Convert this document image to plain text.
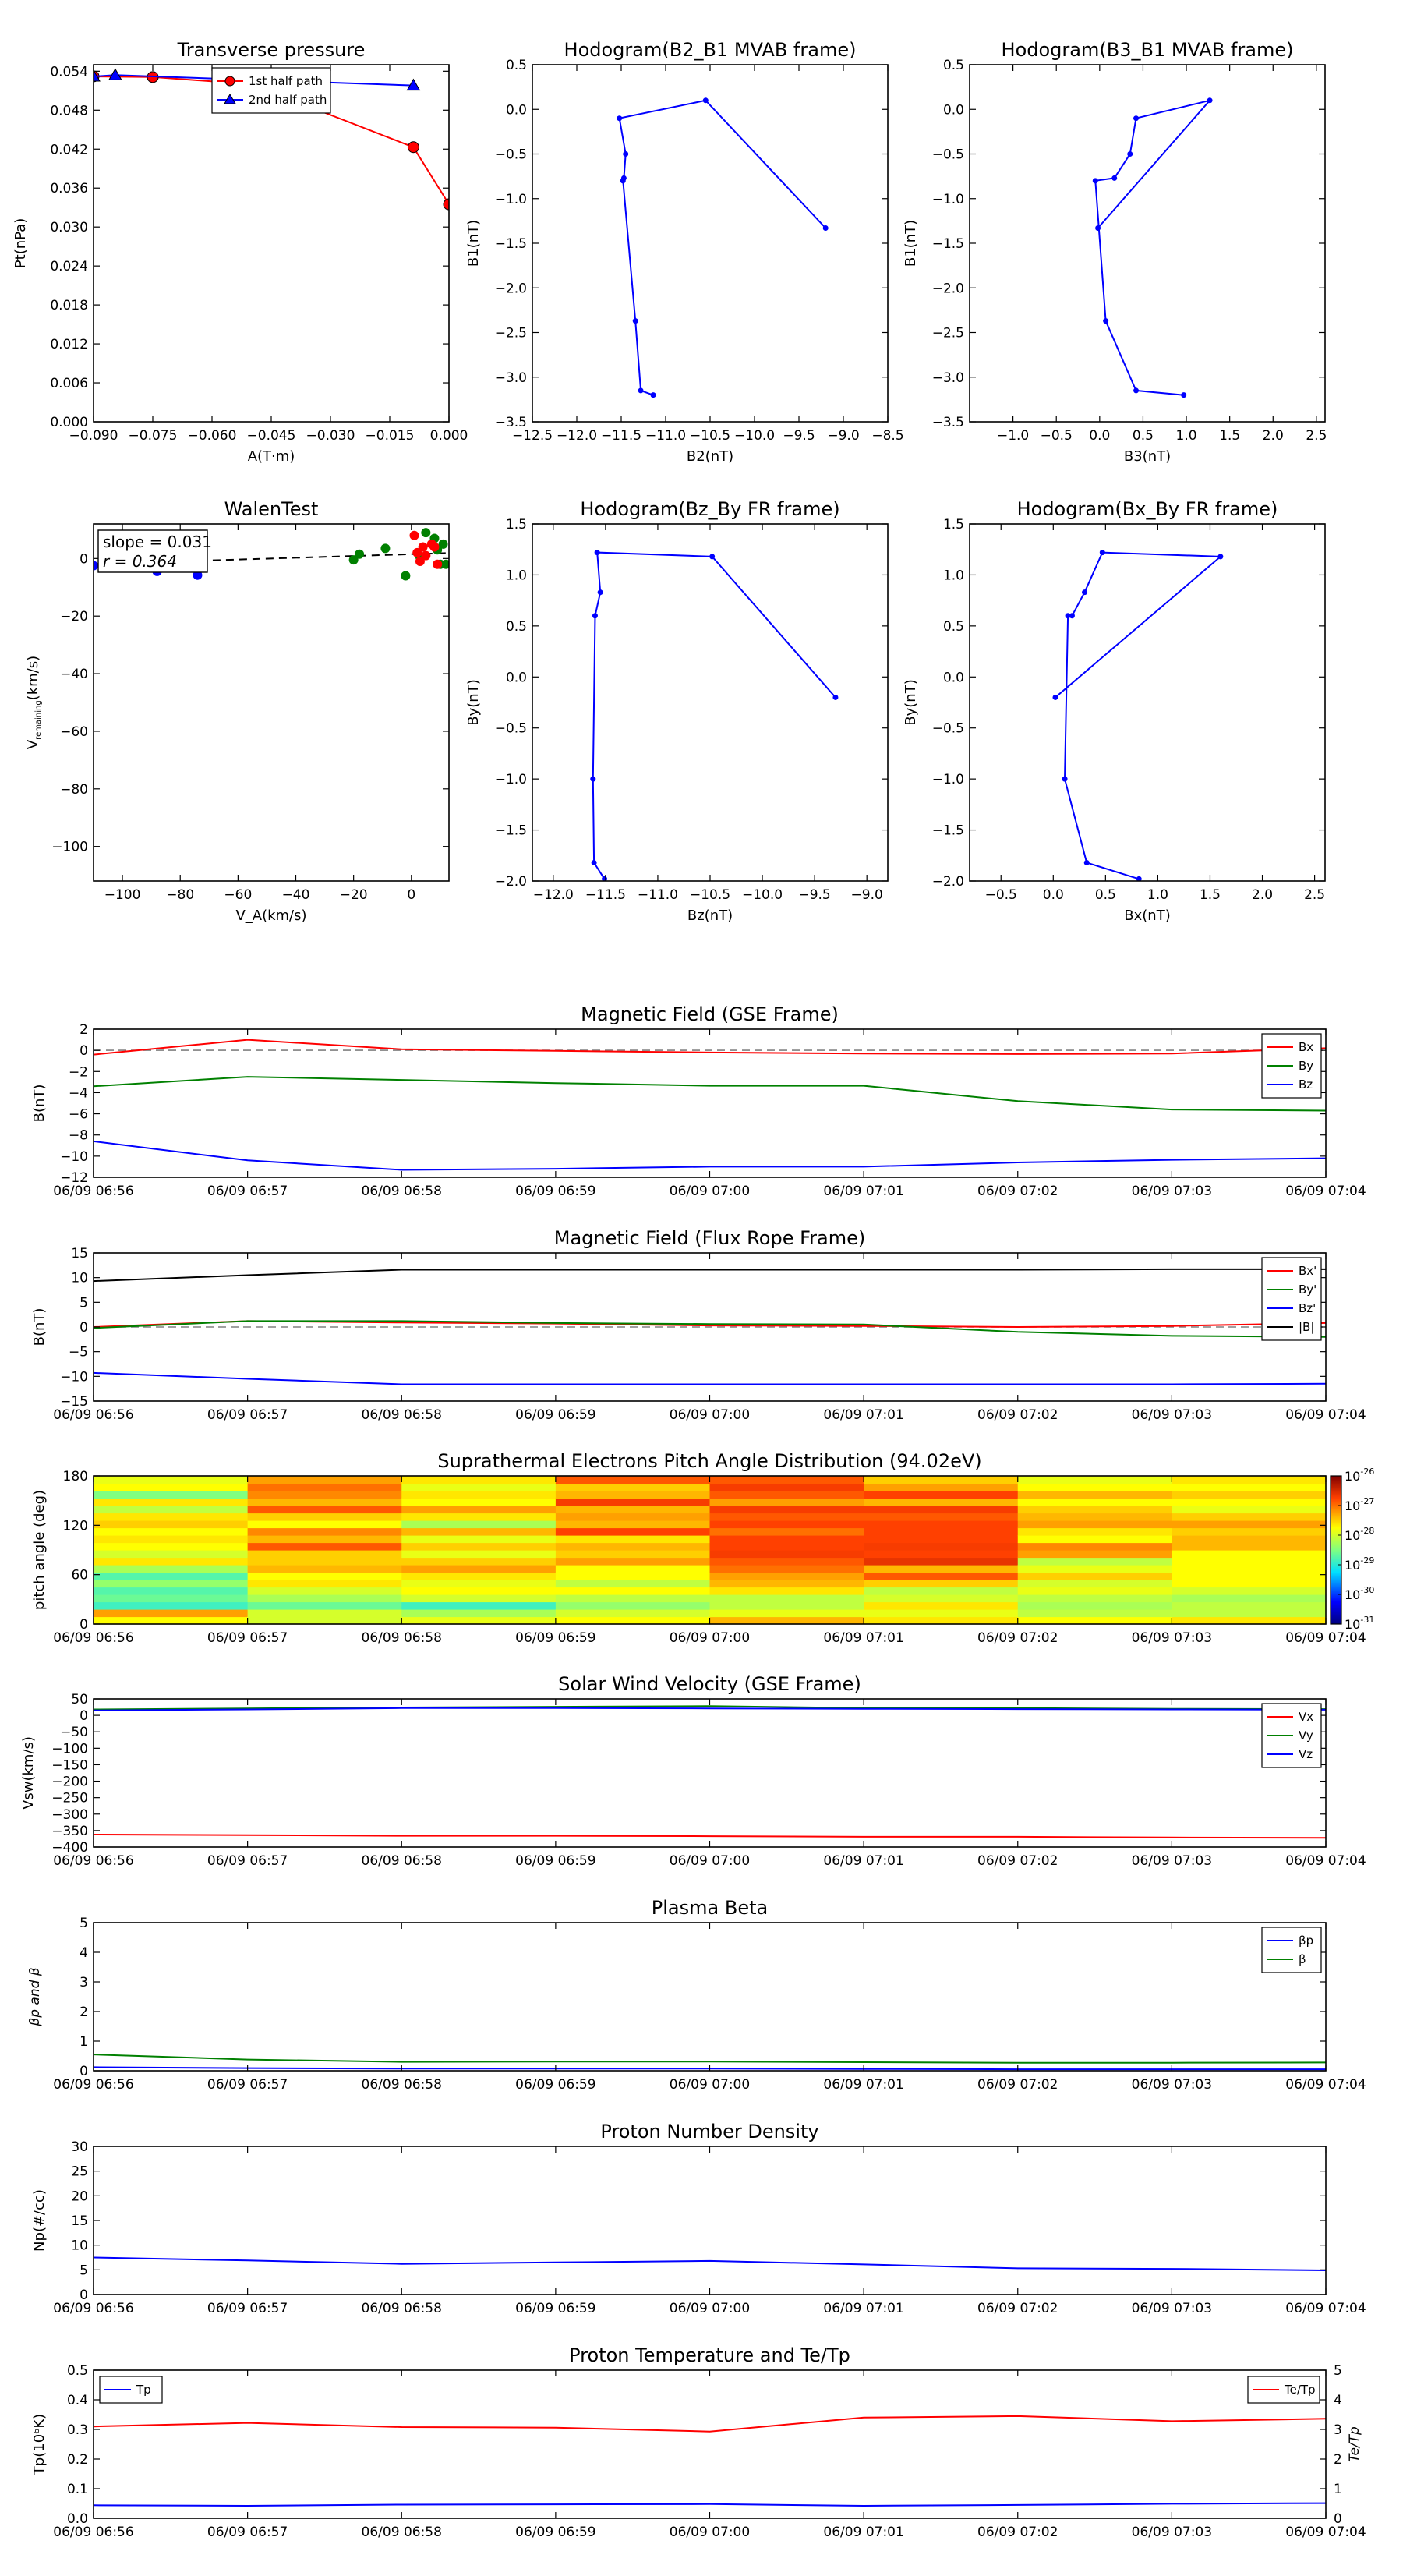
Transverse pressure
−0.090 −0.075 −0.060 −0.045 −0.030 −0.015 0.000
0.000
0.006
0.012
0.018
0.024
0.030
0.036
0.042
0.048
0.054
A(T·m)
Pt(nPa)
1st half path
2nd half path
Hodogram(B2_B1 MVAB frame)
−12.5 −12.0 −11.5 −11.0 −10.5 −10.0 −9.5 −9.0 −8.5
−3.5
−3.0
−2.5
−2.0
−1.5
−1.0
−0.5
0.0
0.5
B2(nT)
B1(nT)
Hodogram(B3_B1 MVAB frame)
−1.0 −0.5 0.0 0.5 1.0 1.5 2.0 2.5
−3.5
−3.0
−2.5
−2.0
−1.5
−1.0
−0.5
0.0
0.5
B3(nT)
B1(nT)
WalenTest
−100 −80 −60 −40 −20	0
−100
−80
−60
−40
−20
0
V_A(km/s)
$V_{remaining}(km/s)$
slope = 0.031
r = 0.364
Hodogram(Bz_By FR frame)
−12.0 −11.5 −11.0 −10.5 −10.0 −9.5 −9.0
−2.0
−1.5
−1.0
−0.5
0.0
0.5
1.0
1.5
Bz(nT)
By(nT)
Hodogram(Bx_By FR frame)
−0.5 0.0 0.5 1.0 1.5 2.0 2.5
−2.0
−1.5
−1.0
−0.5
0.0
0.5
1.0
1.5
Bx(nT)
By(nT)
Magnetic Field (GSE Frame)
06/09 06:56	06/09 06:57	06/09 06:58	06/09 06:59	06/09 07:00	06/09 07:01	06/09 07:02	06/09 07:03	06/09 07:04
−12
−10
−8
−6
−4
−2
0
2
B(nT)
Bx
By
Bz
Magnetic Field (Flux Rope Frame)
06/09 06:56	06/09 06:57	06/09 06:58	06/09 06:59	06/09 07:00	06/09 07:01	06/09 07:02	06/09 07:03	06/09 07:04
−15
−10
−5
0
5
10
15
B(nT)
Bx'
By'
Bz'
|B|
Solar Wind Velocity (GSE Frame)
06/09 06:56	06/09 06:57	06/09 06:58	06/09 06:59	06/09 07:00	06/09 07:01	06/09 07:02	06/09 07:03	06/09 07:04
−400
−350
−300
−250
−200
−150
−100
−50
0
50
Vsw(km/s)
Vx
Vy
Vz
Plasma Beta
06/09 06:56	06/09 06:57	06/09 06:58	06/09 06:59	06/09 07:00	06/09 07:01	06/09 07:02	06/09 07:03	06/09 07:04
0
1
2
3
4
5
βp and β
βp
β
Proton Number Density
06/09 06:56	06/09 06:57	06/09 06:58	06/09 06:59	06/09 07:00	06/09 07:01	06/09 07:02	06/09 07:03	06/09 07:04
0
5
10
15
20
25
30
Np(#/cc)
Proton Temperature and Te/Tp
06/09 06:56	06/09 06:57	06/09 06:58	06/09 06:59	06/09 07:00	06/09 07:01	06/09 07:02	06/09 07:03	06/09 07:04
0.0
0.1
0.2
0.3
0.4
0.5
Tp(10⁶K)
0
1
2
3
4
5
Te/Tp
Tp	Te/Tp
Suprathermal Electrons Pitch Angle Distribution (94.02eV)
06/09 06:56	06/09 06:57	06/09 06:58	06/09 06:59	06/09 07:00	06/09 07:01	06/09 07:02	06/09 07:03	06/09 07:04
0
60
120
180
pitch angle (deg)
$10^{-26}$
$10^{-27}$
$10^{-28}$
$10^{-29}$
$10^{-30}$
$10^{-31}$
